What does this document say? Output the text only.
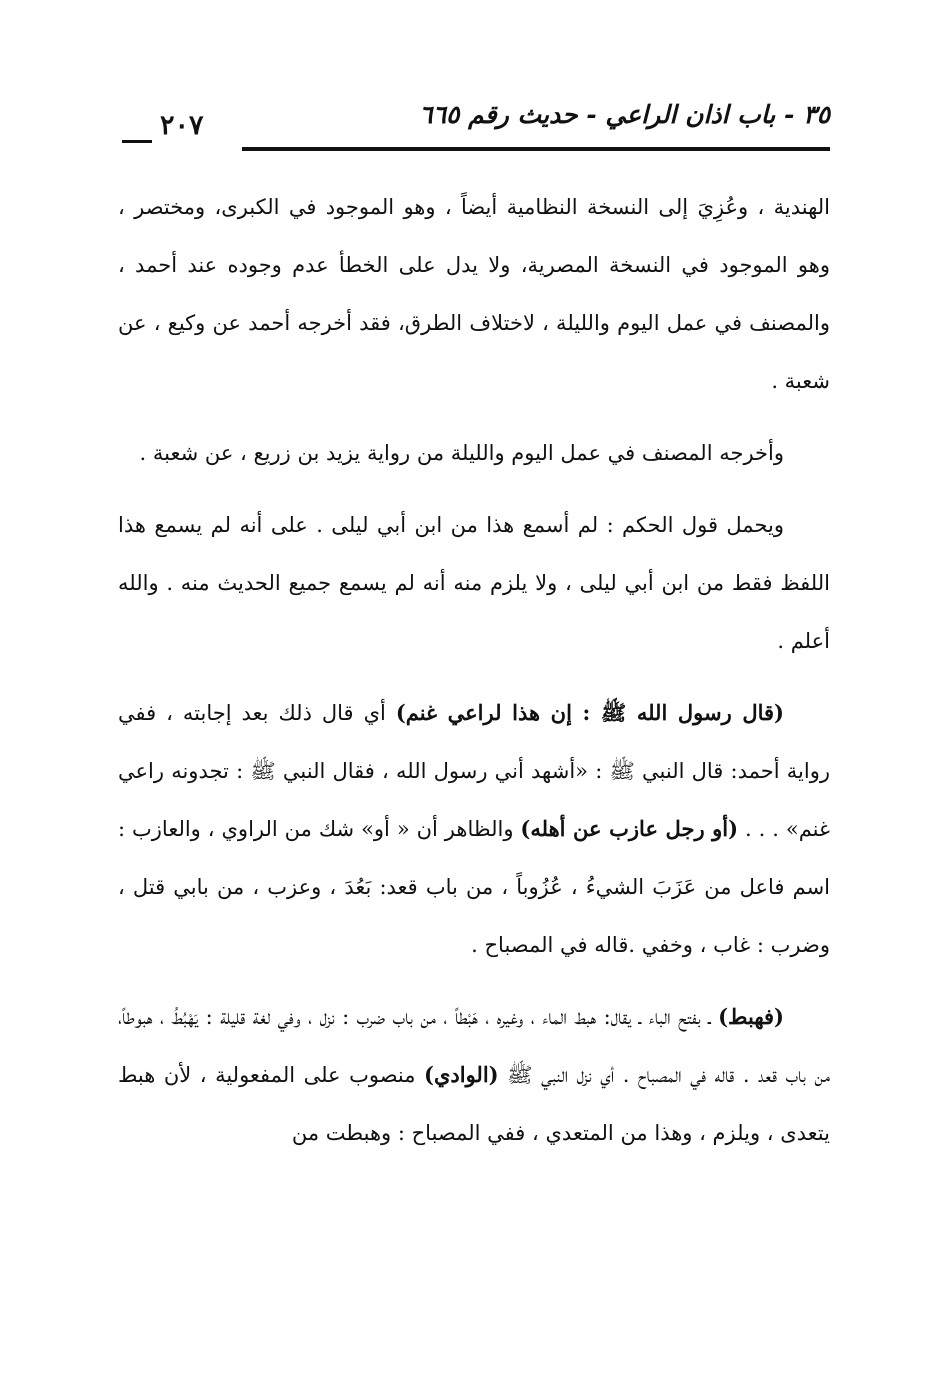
٣٥ - باب اذان الراعي - حديث رقم ٦٦٥
٢٠٧

الهندية ، وعُزِيَ إلى النسخة النظامية أيضاً ، وهو الموجود في الكبرى، ومختصر ، وهو الموجود في النسخة المصرية، ولا يدل على الخطأ عدم وجوده عند أحمد ، والمصنف في عمل اليوم والليلة ، لاختلاف الطرق، فقد أخرجه أحمد عن وكيع ، عن شعبة .

وأخرجه المصنف في عمل اليوم والليلة من رواية يزيد بن زريع ، عن شعبة .

ويحمل قول الحكم : لم أسمع هذا من ابن أبي ليلى . على أنه لم يسمع هذا اللفظ فقط من ابن أبي ليلى ، ولا يلزم منه أنه لم يسمع جميع الحديث منه . والله أعلم .

(قال رسول الله ﷺ : إن هذا لراعي غنم) أي قال ذلك بعد إجابته ، ففي رواية أحمد: قال النبي ﷺ : «أشهد أني رسول الله ، فقال النبي ﷺ : تجدونه راعي غنم» . . . (أو رجل عازب عن أهله) والظاهر أن « أو» شك من الراوي ، والعازب : اسم فاعل من عَزَبَ الشيءُ ، عُزُوباً ، من باب قعد: بَعُدَ ، وعزب ، من بابي قتل ، وضرب : غاب ، وخفي .قاله في المصباح .

(فهبط) ـ بفتح الباء ـ يقال: هبط الماء ، وغيره ، هَبْطاً ، من باب ضرب : نزل ، وفي لغة قليلة : يَهْبُطُ ، هبوطاً، من باب قعد . قاله في المصباح . أي نزل النبي ﷺ (الوادي) منصوب على المفعولية ، لأن هبط يتعدى ، ويلزم ، وهذا من المتعدي ، ففي المصباح : وهبطت من
